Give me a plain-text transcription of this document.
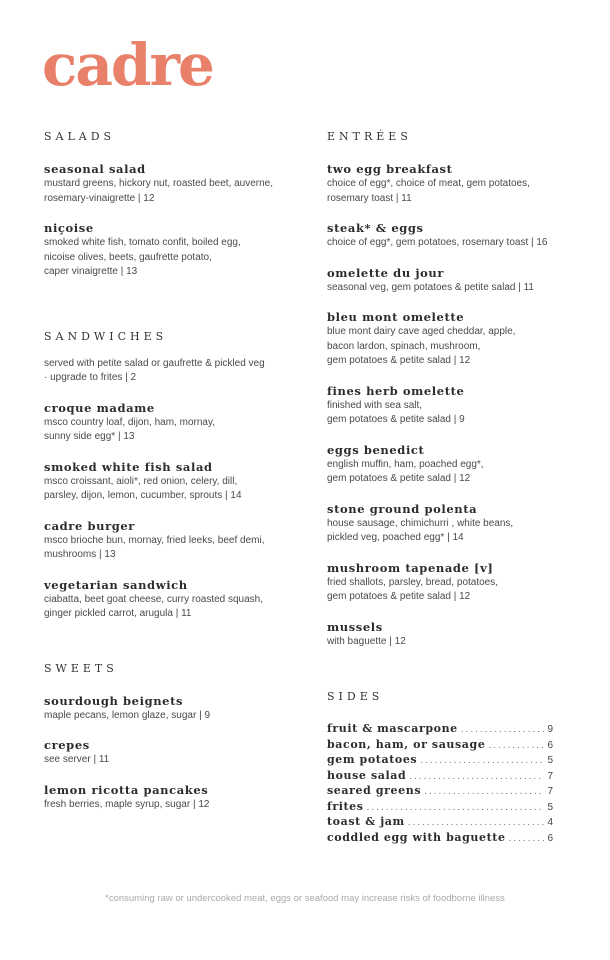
cadre
SALADS
seasonal salad
mustard greens, hickory nut, roasted beet, auverne,
rosemary-vinaigrette | 12
niçoise
smoked white fish, tomato confit, boiled egg,
nicoise olives, beets, gaufrette potato,
caper vinaigrette | 13
SANDWICHES
served with petite salad or gaufrette & pickled veg
· upgrade to frites | 2
croque madame
msco country loaf, dijon, ham, mornay,
sunny side egg* | 13
smoked white fish salad
msco croissant, aioli*, red onion, celery, dill,
parsley, dijon, lemon, cucumber, sprouts | 14
cadre burger
msco brioche bun, mornay, fried leeks, beef demi,
mushrooms | 13
vegetarian sandwich
ciabatta, beet goat cheese, curry roasted squash,
ginger pickled carrot, arugula | 11
SWEETS
sourdough beignets
maple pecans, lemon glaze, sugar | 9
crepes
see server | 11
lemon ricotta pancakes
fresh berries, maple syrup, sugar | 12
ENTRÉES
two egg breakfast
choice of egg*, choice of meat, gem potatoes,
rosemary toast | 11
steak* & eggs
choice of egg*, gem potatoes, rosemary toast | 16
omelette du jour
seasonal veg, gem potatoes & petite salad | 11
bleu mont omelette
blue mont dairy cave aged cheddar, apple,
bacon lardon, spinach, mushroom,
gem potatoes & petite salad | 12
fines herb omelette
finished with sea salt,
gem potatoes & petite salad | 9
eggs benedict
english muffin, ham, poached egg*,
gem potatoes & petite salad | 12
stone ground polenta
house sausage, chimichurri , white beans,
pickled veg, poached egg* | 14
mushroom tapenade [v]
fried shallots, parsley, bread, potatoes,
gem potatoes & petite salad | 12
mussels
with baguette | 12
SIDES
fruit & mascarpone .....	9
bacon, ham, or sausage .....	6
gem potatoes .....	5
house salad .....	7
seared greens .....	7
frites .....	5
toast & jam .....	4
coddled egg with baguette .....	6
*consuming raw or undercooked meat, eggs or seafood may increase risks of foodborne illness
